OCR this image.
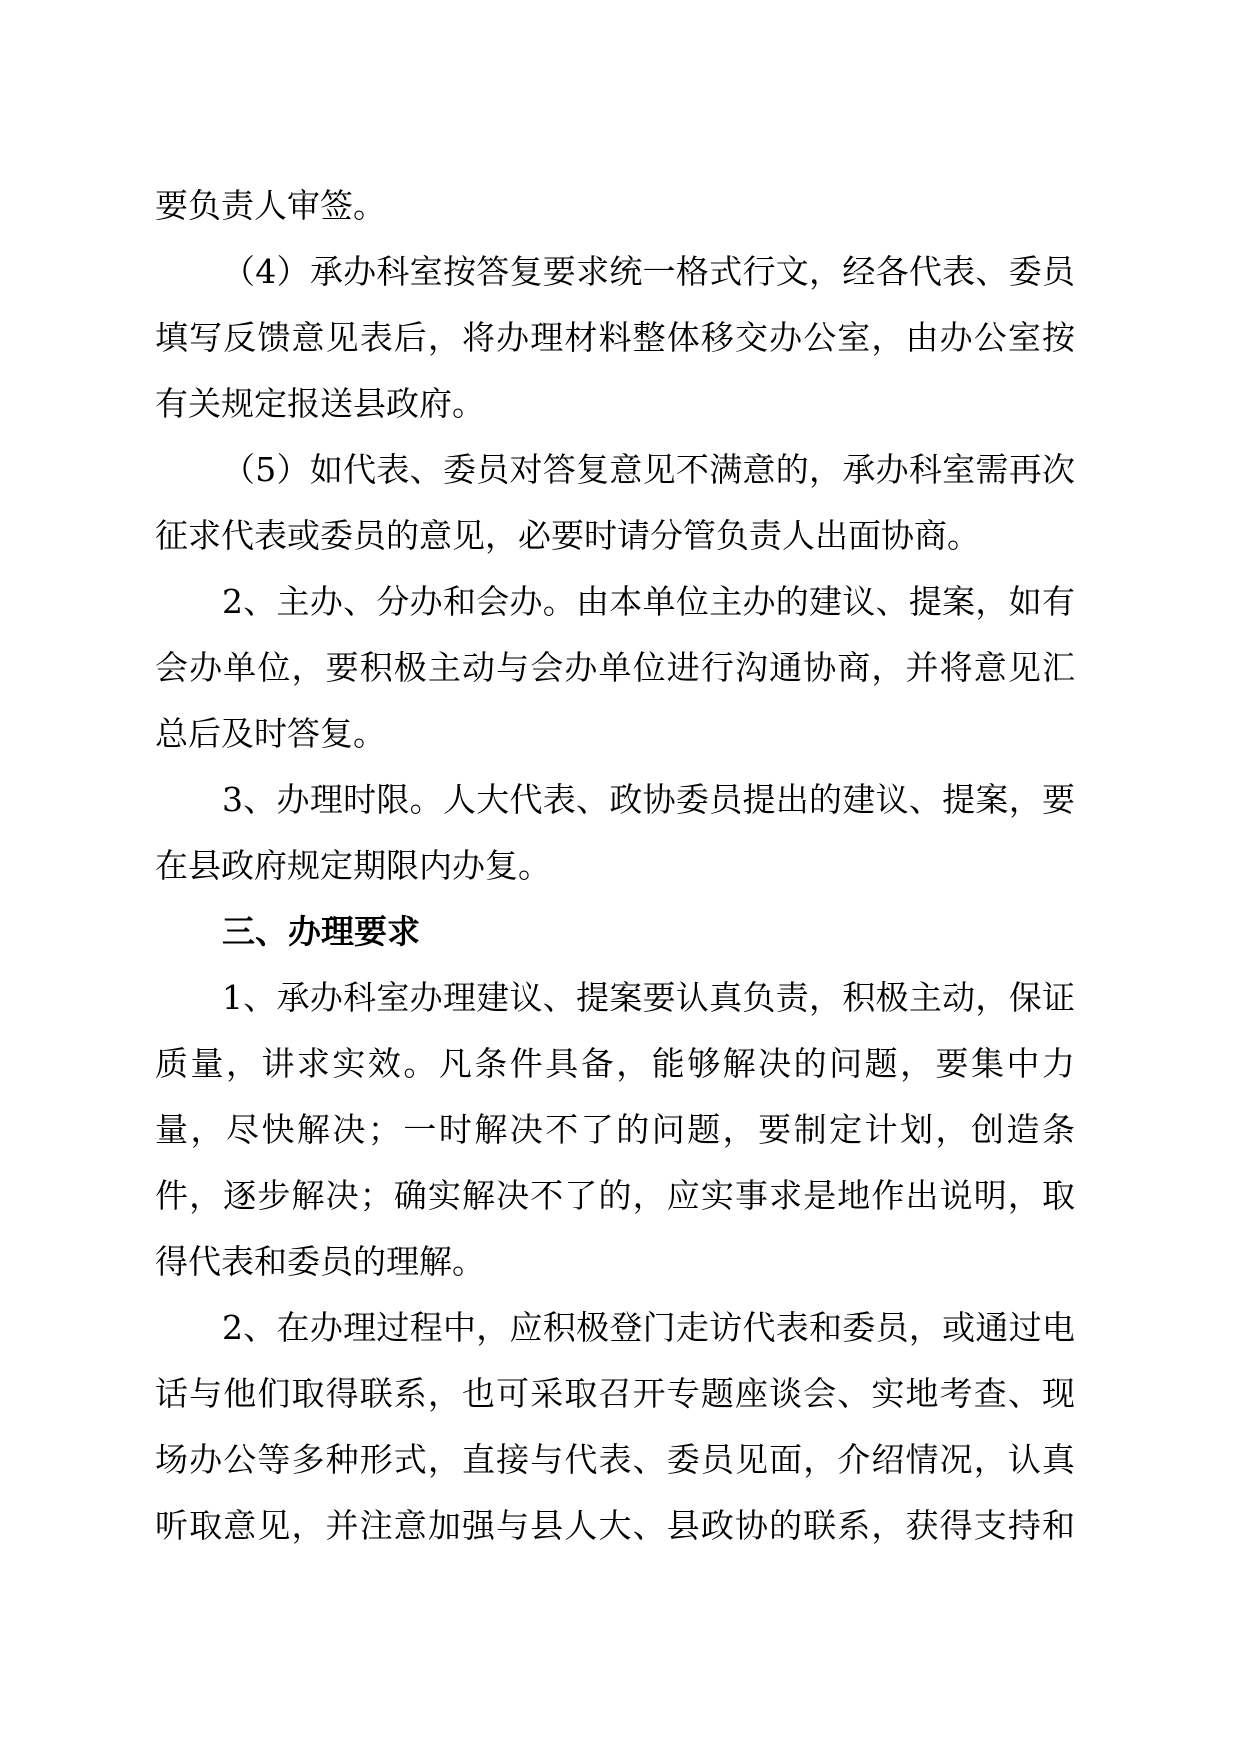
要负责人审签。

（4）承办科室按答复要求统一格式行文，经各代表、委员

填写反馈意见表后，将办理材料整体移交办公室，由办公室按

有关规定报送县政府。

（5）如代表、委员对答复意见不满意的，承办科室需再次

征求代表或委员的意见，必要时请分管负责人出面协商。

2、主办、分办和会办。由本单位主办的建议、提案，如有

会办单位，要积极主动与会办单位进行沟通协商，并将意见汇

总后及时答复。

3、办理时限。人大代表、政协委员提出的建议、提案，要

在县政府规定期限内办复。

三、办理要求

1、承办科室办理建议、提案要认真负责，积极主动，保证

质量，讲求实效。凡条件具备，能够解决的问题，要集中力

量，尽快解决；一时解决不了的问题，要制定计划，创造条

件，逐步解决；确实解决不了的，应实事求是地作出说明，取

得代表和委员的理解。

2、在办理过程中，应积极登门走访代表和委员，或通过电

话与他们取得联系，也可采取召开专题座谈会、实地考查、现

场办公等多种形式，直接与代表、委员见面，介绍情况，认真

听取意见，并注意加强与县人大、县政协的联系，获得支持和
